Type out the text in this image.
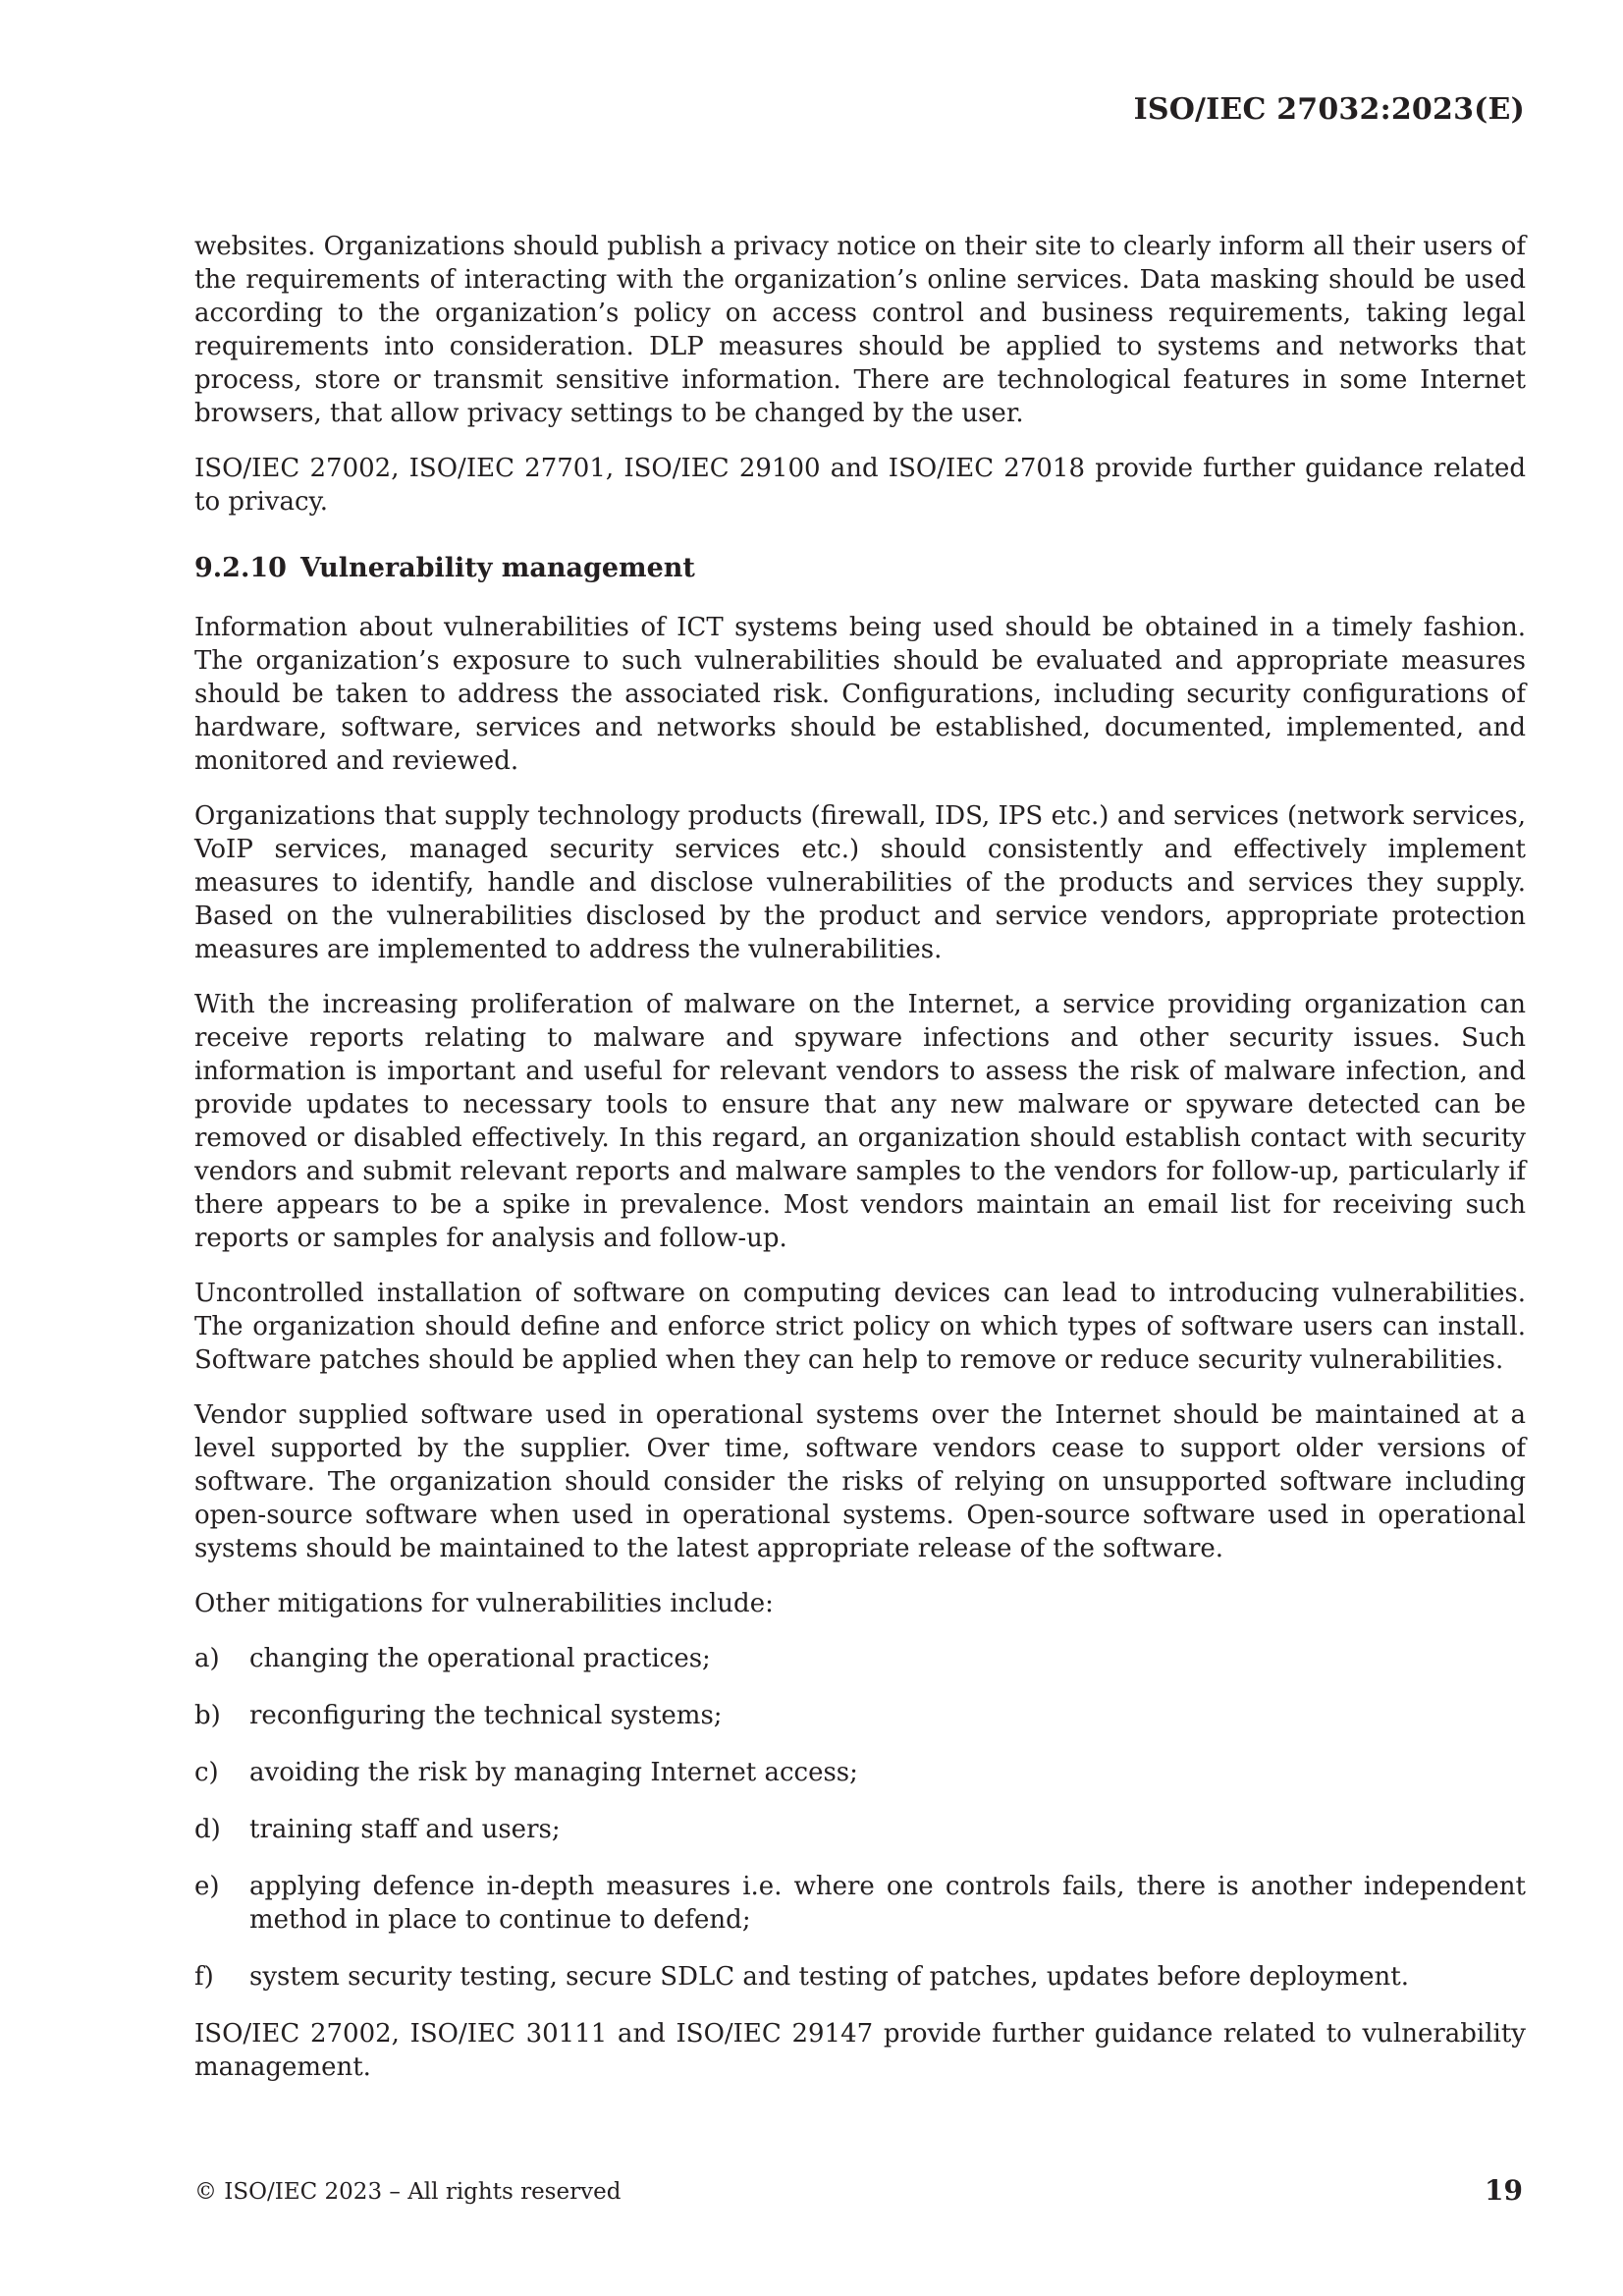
ISO/IEC 27032:2023(E)

websites. Organizations should publish a privacy notice on their site to clearly inform all their users of the requirements of interacting with the organization’s online services. Data masking should be used according to the organization’s policy on access control and business requirements, taking legal requirements into consideration. DLP measures should be applied to systems and networks that process, store or transmit sensitive information. There are technological features in some Internet browsers, that allow privacy settings to be changed by the user.

ISO/IEC 27002, ISO/IEC 27701, ISO/IEC 29100 and ISO/IEC 27018 provide further guidance related to privacy.

9.2.10 Vulnerability management

Information about vulnerabilities of ICT systems being used should be obtained in a timely fashion. The organization’s exposure to such vulnerabilities should be evaluated and appropriate measures should be taken to address the associated risk. Configurations, including security configurations of hardware, software, services and networks should be established, documented, implemented, and monitored and reviewed.

Organizations that supply technology products (firewall, IDS, IPS etc.) and services (network services, VoIP services, managed security services etc.) should consistently and effectively implement measures to identify, handle and disclose vulnerabilities of the products and services they supply. Based on the vulnerabilities disclosed by the product and service vendors, appropriate protection measures are implemented to address the vulnerabilities.

With the increasing proliferation of malware on the Internet, a service providing organization can receive reports relating to malware and spyware infections and other security issues. Such information is important and useful for relevant vendors to assess the risk of malware infection, and provide updates to necessary tools to ensure that any new malware or spyware detected can be removed or disabled effectively. In this regard, an organization should establish contact with security vendors and submit relevant reports and malware samples to the vendors for follow-up, particularly if there appears to be a spike in prevalence. Most vendors maintain an email list for receiving such reports or samples for analysis and follow-up.

Uncontrolled installation of software on computing devices can lead to introducing vulnerabilities. The organization should define and enforce strict policy on which types of software users can install. Software patches should be applied when they can help to remove or reduce security vulnerabilities.

Vendor supplied software used in operational systems over the Internet should be maintained at a level supported by the supplier. Over time, software vendors cease to support older versions of software. The organization should consider the risks of relying on unsupported software including open-source software when used in operational systems. Open-source software used in operational systems should be maintained to the latest appropriate release of the software.

Other mitigations for vulnerabilities include:

a)	changing the operational practices;
b)	reconfiguring the technical systems;
c)	avoiding the risk by managing Internet access;
d)	training staff and users;
e)	applying defence in-depth measures i.e. where one controls fails, there is another independent method in place to continue to defend;
f)	system security testing, secure SDLC and testing of patches, updates before deployment.

ISO/IEC 27002, ISO/IEC 30111 and ISO/IEC 29147 provide further guidance related to vulnerability management.

© ISO/IEC 2023 – All rights reserved	19
